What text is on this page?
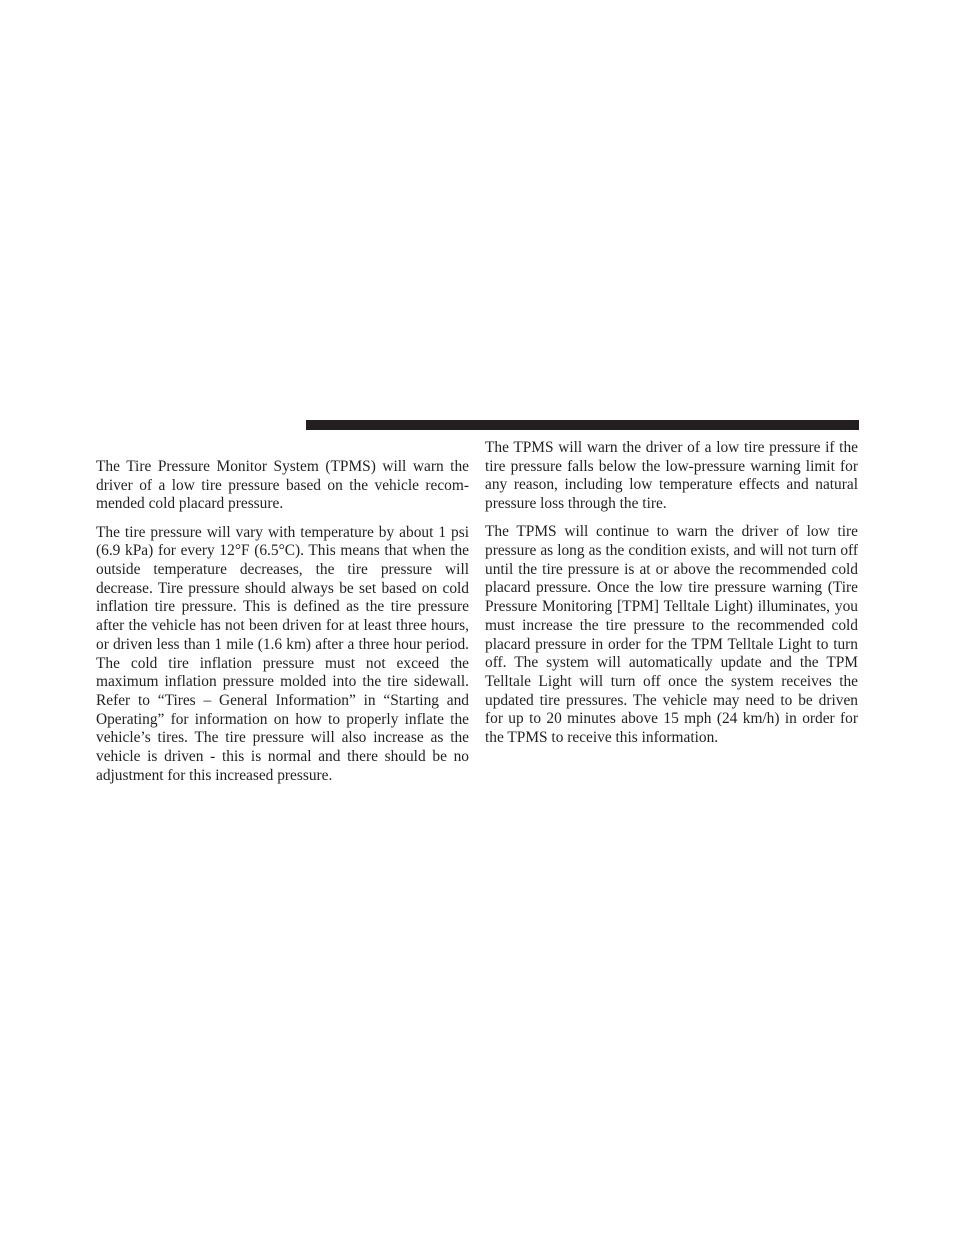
The Tire Pressure Monitor System (TPMS) will warn the driver of a low tire pressure based on the vehicle recommended cold placard pressure.

The tire pressure will vary with temperature by about 1 psi (6.9 kPa) for every 12°F (6.5°C). This means that when the outside temperature decreases, the tire pressure will decrease. Tire pressure should always be set based on cold inflation tire pressure. This is defined as the tire pressure after the vehicle has not been driven for at least three hours, or driven less than 1 mile (1.6 km) after a three hour period. The cold tire inflation pressure must not exceed the maximum inflation pressure molded into the tire sidewall. Refer to “Tires – General Information” in “Starting and Operating” for information on how to properly inflate the vehicle’s tires. The tire pressure will also increase as the vehicle is driven - this is normal and there should be no adjustment for this increased pressure.

The TPMS will warn the driver of a low tire pressure if the tire pressure falls below the low-pressure warning limit for any reason, including low temperature effects and natural pressure loss through the tire.

The TPMS will continue to warn the driver of low tire pressure as long as the condition exists, and will not turn off until the tire pressure is at or above the recommended cold placard pressure. Once the low tire pressure warning (Tire Pressure Monitoring [TPM] Telltale Light) illuminates, you must increase the tire pressure to the recommended cold placard pressure in order for the TPM Telltale Light to turn off. The system will automatically update and the TPM Telltale Light will turn off once the system receives the updated tire pressures. The vehicle may need to be driven for up to 20 minutes above 15 mph (24 km/h) in order for the TPMS to receive this information.
